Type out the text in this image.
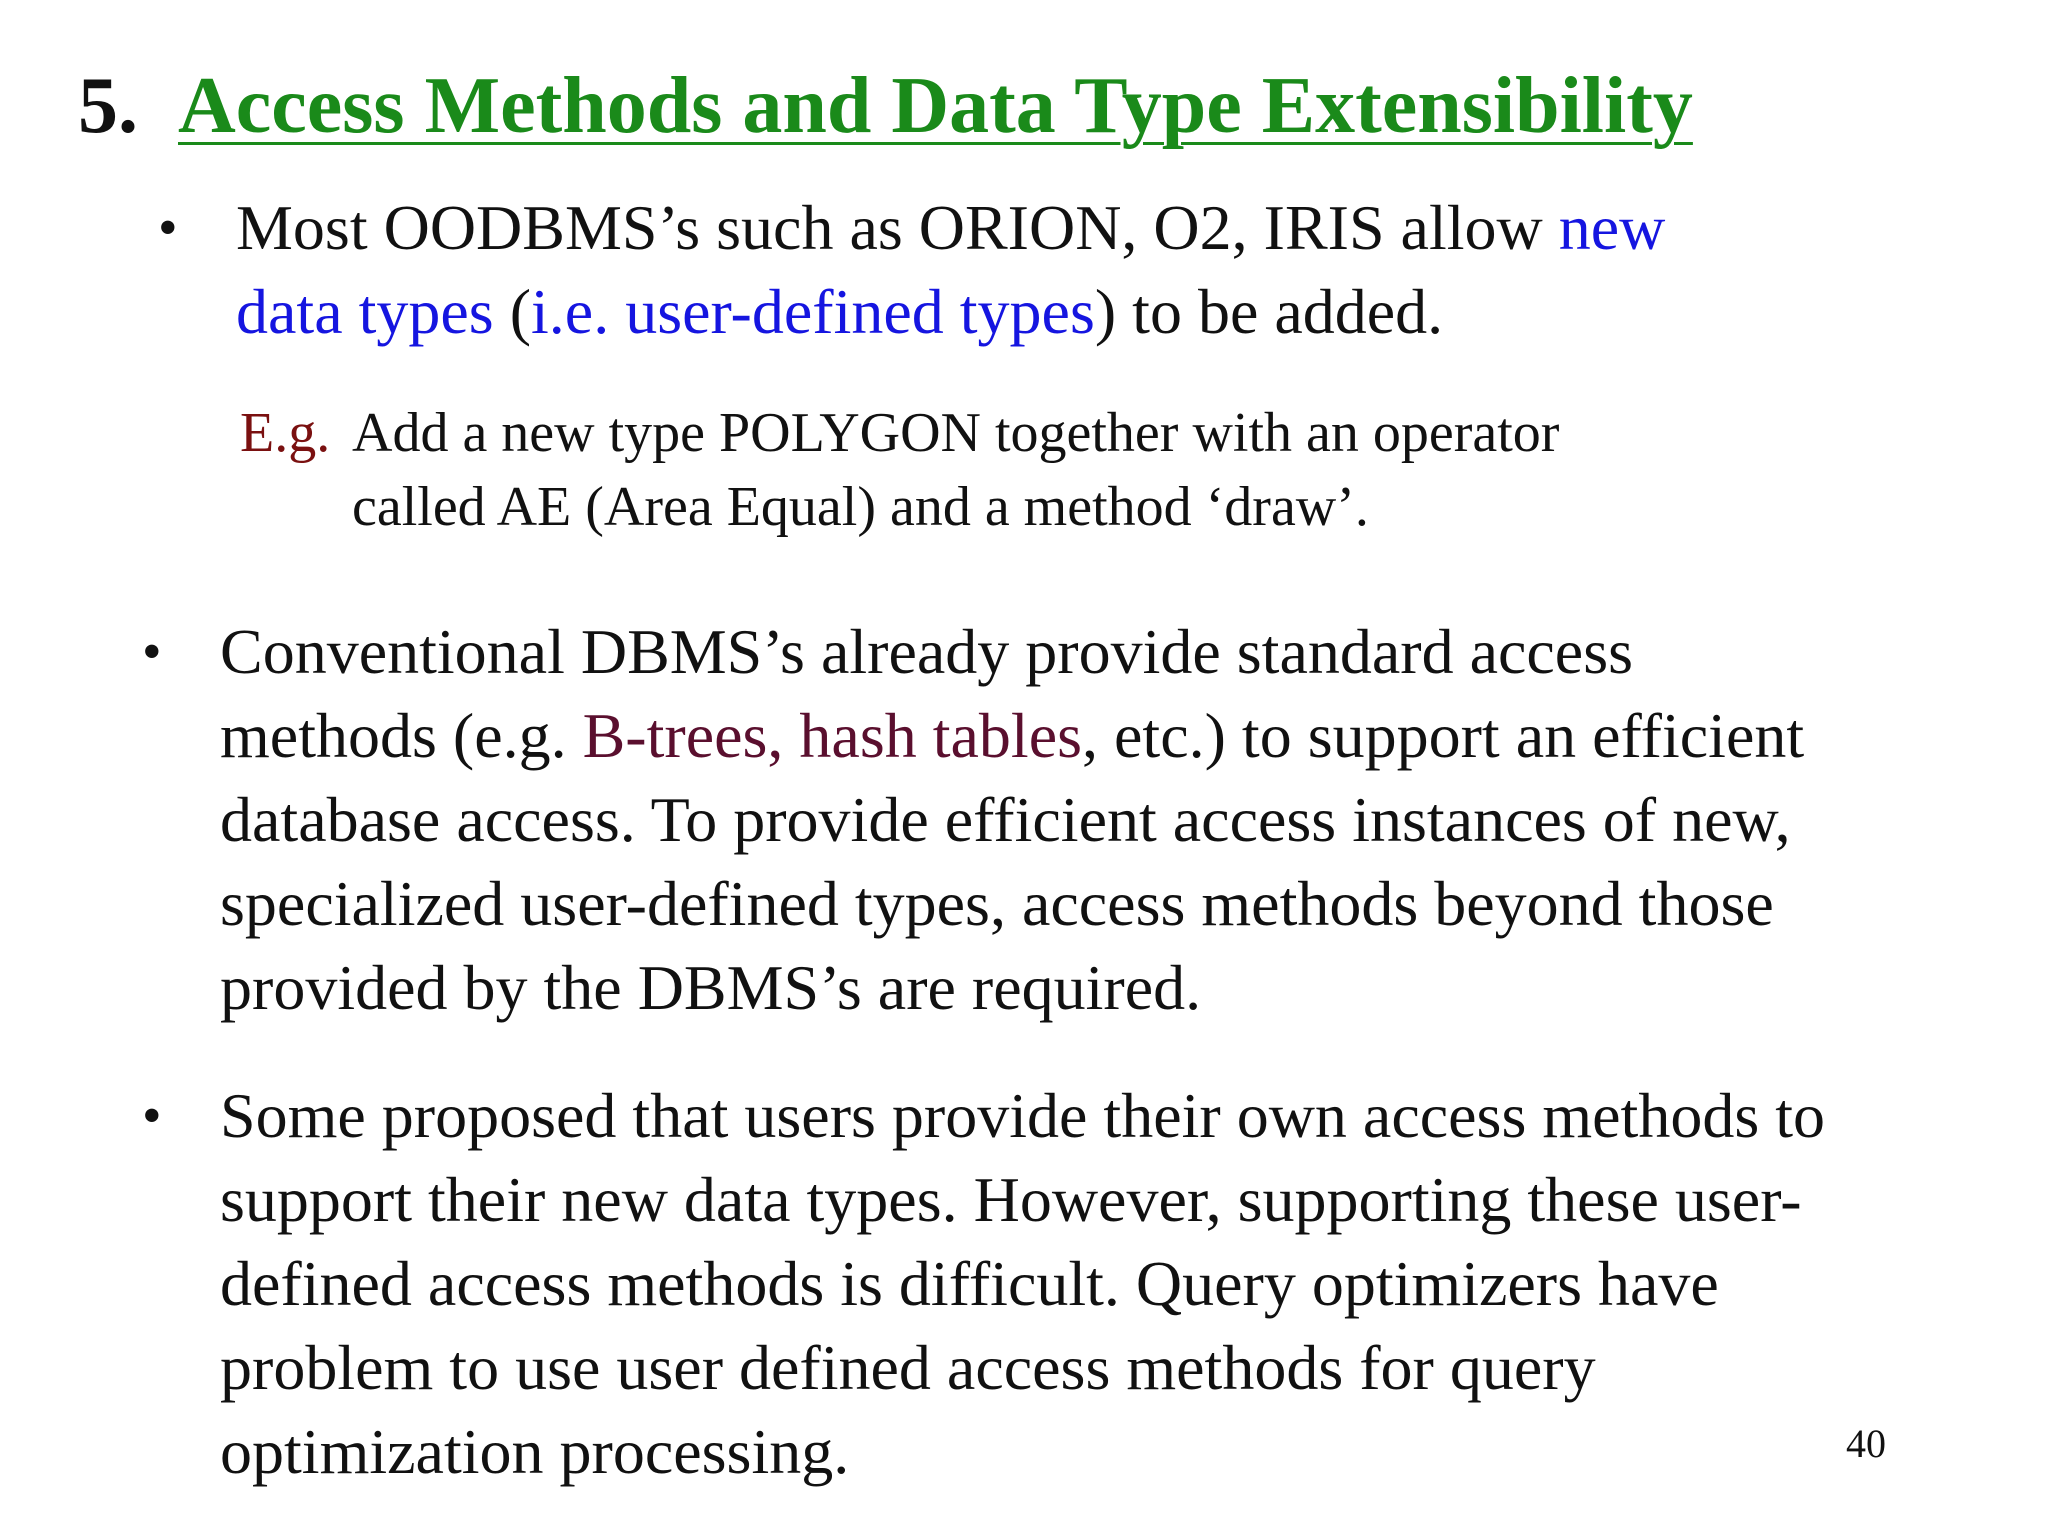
5. Access Methods and Data Type Extensibility
• Most OODBMS’s such as ORION, O2, IRIS allow new
data types (i.e. user-defined types) to be added.
E.g. Add a new type POLYGON together with an operator
called AE (Area Equal) and a method ‘draw’.
• Conventional DBMS’s already provide standard access
methods (e.g. B-trees, hash tables, etc.) to support an efficient
database access. To provide efficient access instances of new,
specialized user-defined types, access methods beyond those
provided by the DBMS’s are required.
• Some proposed that users provide their own access methods to
support their new data types. However, supporting these user-
defined access methods is difficult. Query optimizers have
problem to use user defined access methods for query
optimization processing.	40
